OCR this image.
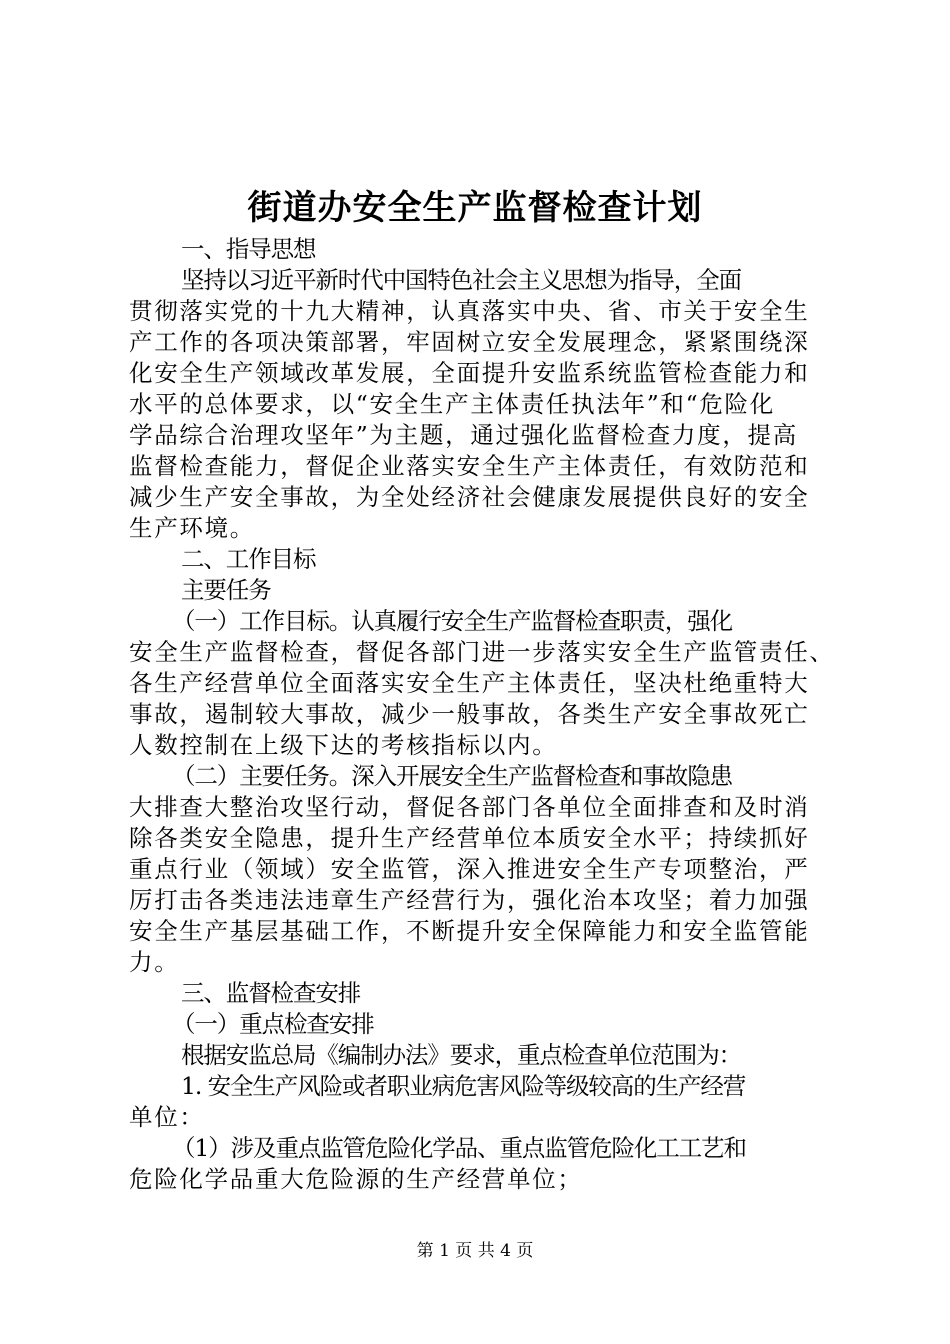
街道办安全生产监督检查计划
一、指导思想
坚持以习近平新时代中国特色社会主义思想为指导，全面
贯彻落实党的十九大精神，认真落实中央、省、市关于安全生
产工作的各项决策部署，牢固树立安全发展理念，紧紧围绕深
化安全生产领域改革发展，全面提升安监系统监管检查能力和
水平的总体要求，以“安全生产主体责任执法年”和“危险化
学品综合治理攻坚年”为主题，通过强化监督检查力度，提高
监督检查能力，督促企业落实安全生产主体责任，有效防范和
减少生产安全事故，为全处经济社会健康发展提供良好的安全
生产环境。
二、工作目标
主要任务
（一）工作目标。认真履行安全生产监督检查职责，强化
安全生产监督检查，督促各部门进一步落实安全生产监管责任、
各生产经营单位全面落实安全生产主体责任，坚决杜绝重特大
事故，遏制较大事故，减少一般事故，各类生产安全事故死亡
人数控制在上级下达的考核指标以内。
（二）主要任务。深入开展安全生产监督检查和事故隐患
大排查大整治攻坚行动，督促各部门各单位全面排查和及时消
除各类安全隐患，提升生产经营单位本质安全水平；持续抓好
重点行业（领域）安全监管，深入推进安全生产专项整治，严
厉打击各类违法违章生产经营行为，强化治本攻坚；着力加强
安全生产基层基础工作，不断提升安全保障能力和安全监管能
力。
三、监督检查安排
（一）重点检查安排
根据安监总局《编制办法》要求，重点检查单位范围为：
1. 安全生产风险或者职业病危害风险等级较高的生产经营
单位：
（1）涉及重点监管危险化学品、重点监管危险化工工艺和
危险化学品重大危险源的生产经营单位；
第 1 页 共 4 页
